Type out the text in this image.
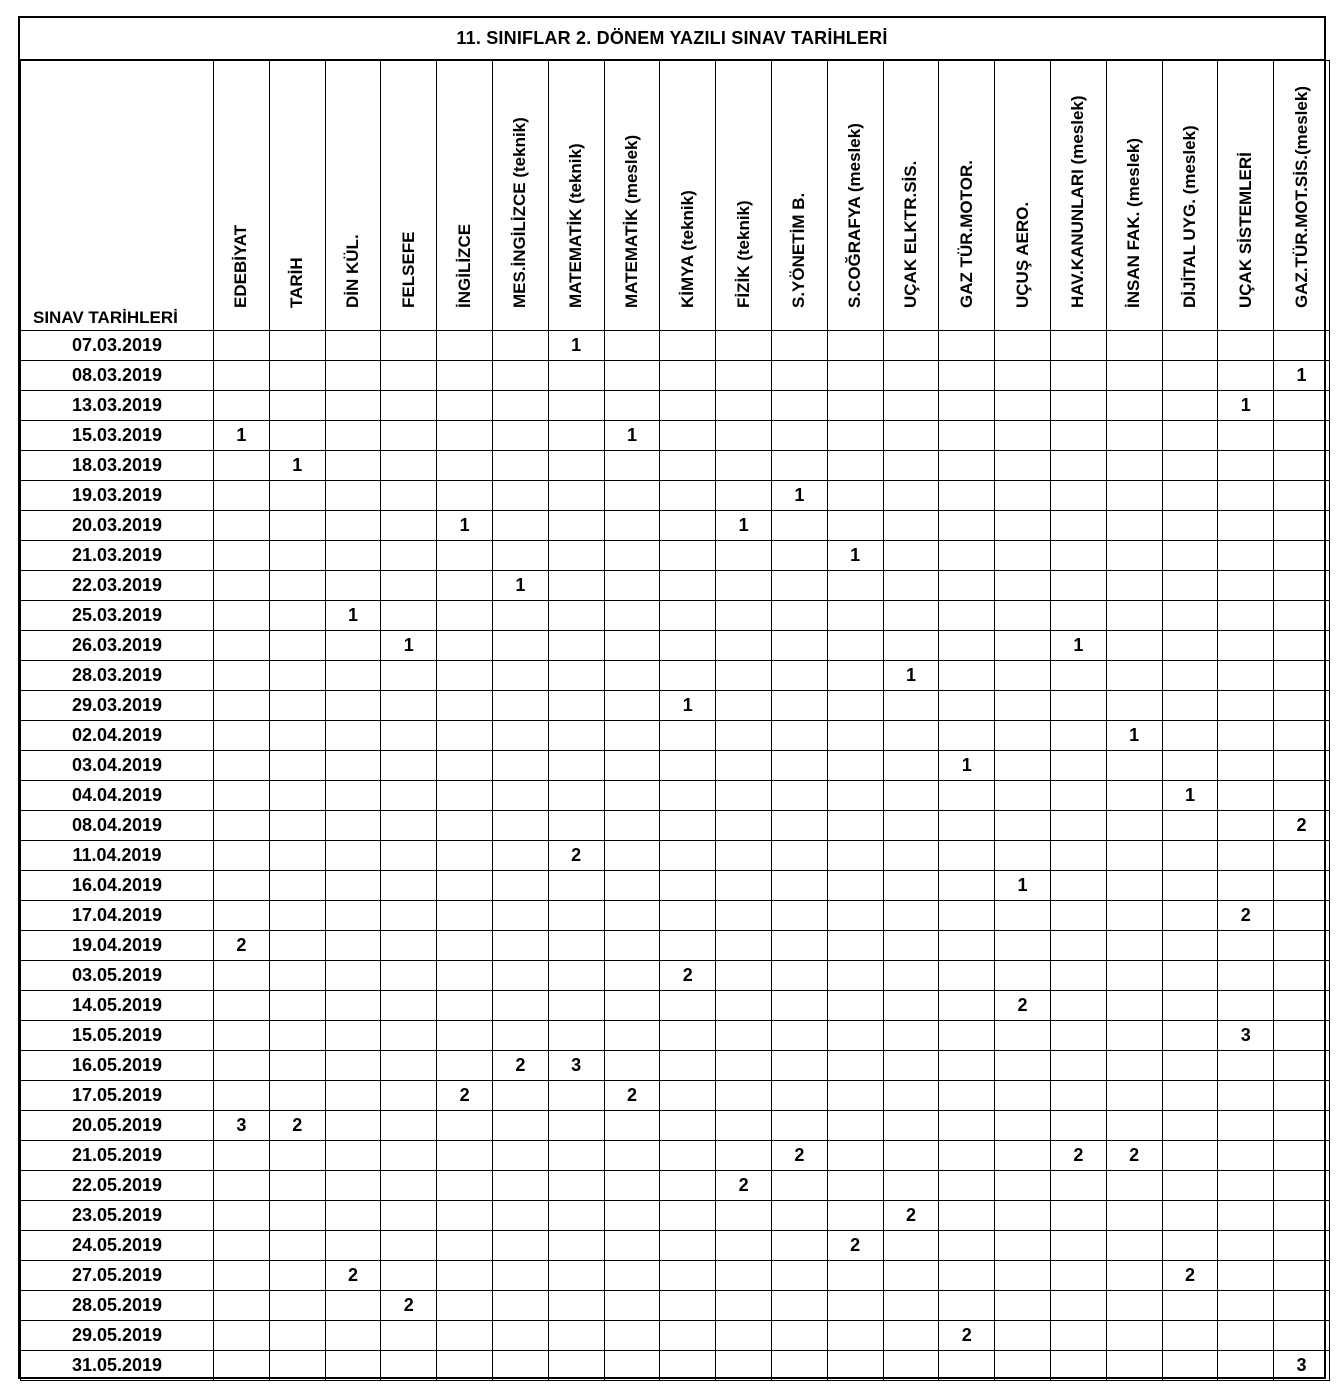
11. SINIFLAR 2. DÖNEM YAZILI SINAV TARİHLERİ
SINAV TARİHLERİ	EDEBİYAT	TARİH	DİN KÜL.	FELSEFE	İNGİLİZCE	MES.İNGİLİZCE (teknik)	MATEMATİK (teknik)	MATEMATİK (meslek)	KİMYA (teknik)	FİZİK (teknik)	S.YÖNETİM B.	S.COĞRAFYA (meslek)	UÇAK ELKTR.SİS.	GAZ TÜR.MOTOR.	UÇUŞ AERO.	HAV.KANUNLARI (meslek)	İNSAN FAK. (meslek)	DİJİTAL UYG. (meslek)	UÇAK SİSTEMLERİ	GAZ.TÜR.MOT.SİS.(meslek)

07.03.2019							1													
08.03.2019																				1
13.03.2019																			1	
15.03.2019	1							1												
18.03.2019		1																		
19.03.2019											1									
20.03.2019					1					1										
21.03.2019												1								
22.03.2019						1														
25.03.2019			1																	
26.03.2019				1												1				
28.03.2019													1							
29.03.2019									1											
02.04.2019																	1			
03.04.2019														1						
04.04.2019																		1		
08.04.2019																				2
11.04.2019							2													
16.04.2019															1					
17.04.2019																			2	
19.04.2019	2																			
03.05.2019									2											
14.05.2019															2					
15.05.2019																			3	
16.05.2019						2	3													
17.05.2019					2			2												
20.05.2019	3	2																		
21.05.2019											2					2	2			
22.05.2019										2										
23.05.2019													2							
24.05.2019												2								
27.05.2019			2															2		
28.05.2019				2																
29.05.2019														2						
31.05.2019																				3
